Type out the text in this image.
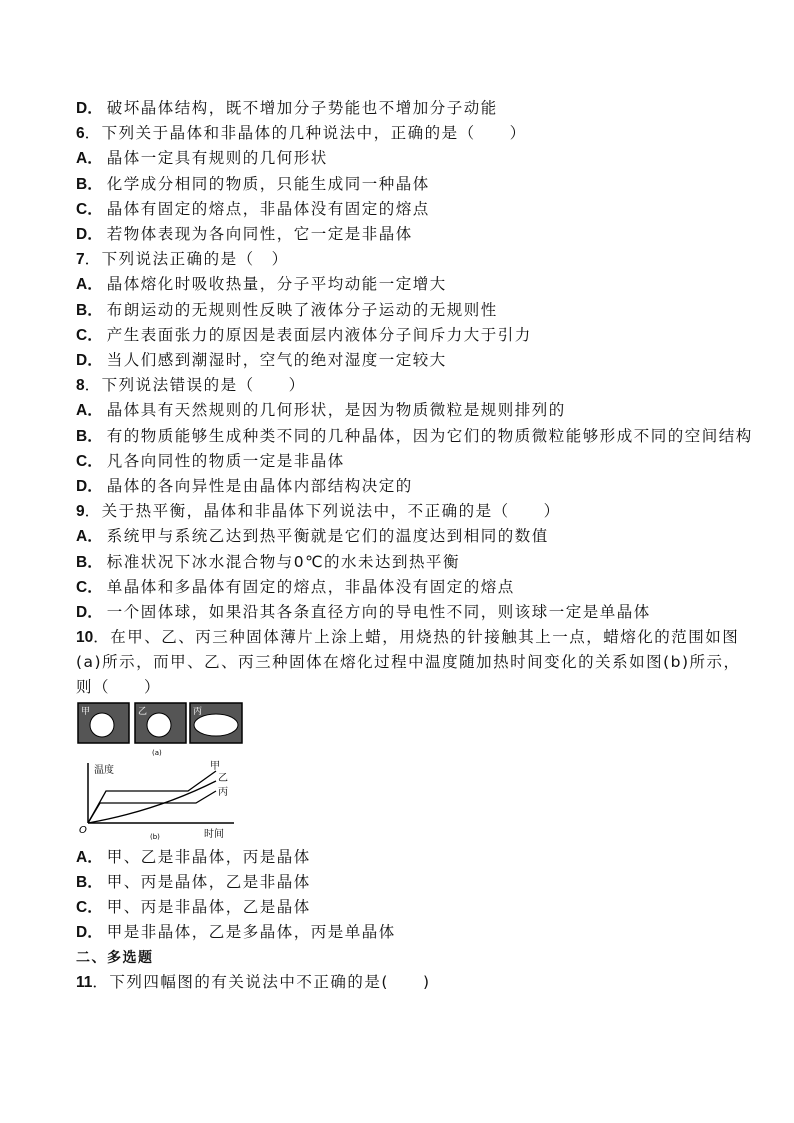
D． 破坏晶体结构，既不增加分子势能也不增加分子动能
6．下列关于晶体和非晶体的几种说法中，正确的是（　　）
A． 晶体一定具有规则的几何形状
B． 化学成分相同的物质，只能生成同一种晶体
C． 晶体有固定的熔点，非晶体没有固定的熔点
D． 若物体表现为各向同性，它一定是非晶体
7．下列说法正确的是（　）
A． 晶体熔化时吸收热量，分子平均动能一定增大
B． 布朗运动的无规则性反映了液体分子运动的无规则性
C． 产生表面张力的原因是表面层内液体分子间斥力大于引力
D． 当人们感到潮湿时，空气的绝对湿度一定较大
8．下列说法错误的是（　　）
A． 晶体具有天然规则的几何形状，是因为物质微粒是规则排列的
B． 有的物质能够生成种类不同的几种晶体，因为它们的物质微粒能够形成不同的空间结构
C． 凡各向同性的物质一定是非晶体
D． 晶体的各向异性是由晶体内部结构决定的
9．关于热平衡，晶体和非晶体下列说法中，不正确的是（　　）
A． 系统甲与系统乙达到热平衡就是它们的温度达到相同的数值
B． 标准状况下冰水混合物与0℃的水未达到热平衡
C． 单晶体和多晶体有固定的熔点，非晶体没有固定的熔点
D． 一个固体球，如果沿其各条直径方向的导电性不同，则该球一定是单晶体
10．在甲、乙、丙三种固体薄片上涂上蜡，用烧热的针接触其上一点，蜡熔化的范围如图(a)所示，而甲、乙、丙三种固体在熔化过程中温度随加热时间变化的关系如图(b)所示，则（　　）
甲	乙	丙
(a)
温度
时间
O
甲
乙
丙
(b)
A． 甲、乙是非晶体，丙是晶体
B． 甲、丙是晶体，乙是非晶体
C． 甲、丙是非晶体，乙是晶体
D． 甲是非晶体，乙是多晶体，丙是单晶体
二、多选题
11．下列四幅图的有关说法中不正确的是(　　)
